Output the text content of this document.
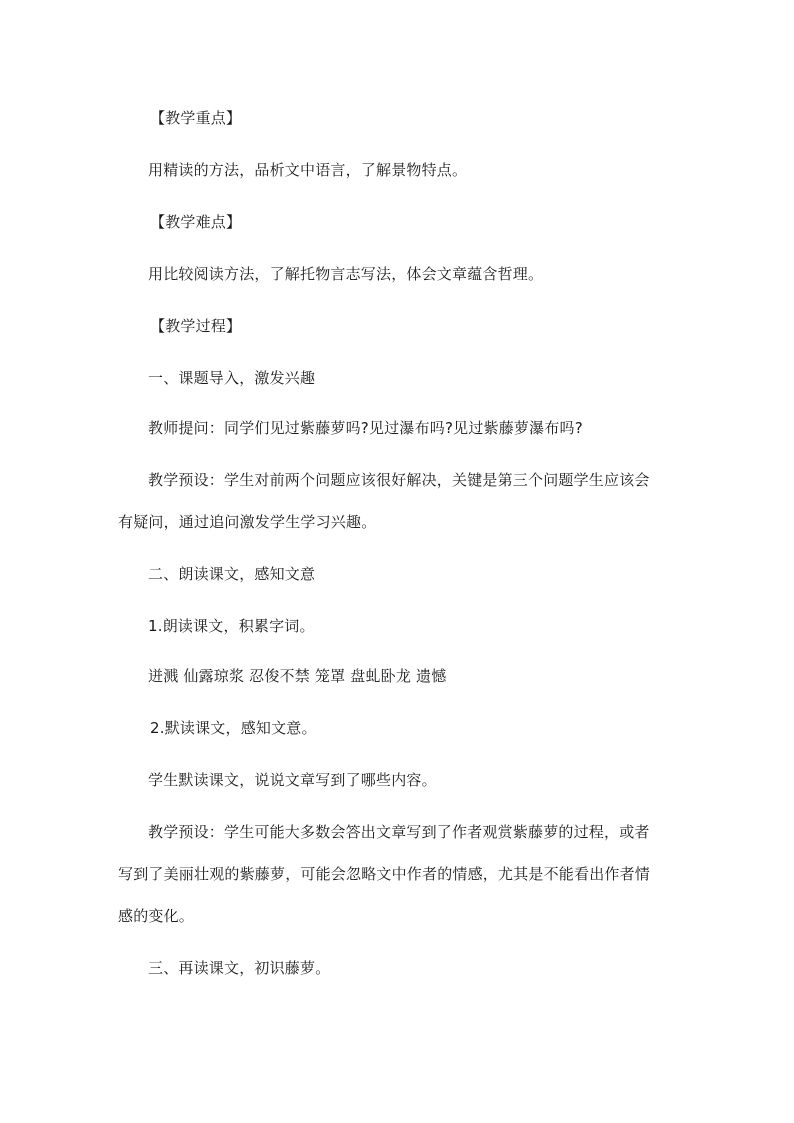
【教学重点】
用精读的方法，品析文中语言，了解景物特点。
【教学难点】
用比较阅读方法，了解托物言志写法，体会文章蕴含哲理。
【教学过程】
一、课题导入，激发兴趣
教师提问：同学们见过紫藤萝吗?见过瀑布吗?见过紫藤萝瀑布吗?
教学预设：学生对前两个问题应该很好解决，关键是第三个问题学生应该会
有疑问，通过追问激发学生学习兴趣。
二、朗读课文，感知文意
1.朗读课文，积累字词。
迸溅 仙露琼浆 忍俊不禁 笼罩 盘虬卧龙 遗憾
2.默读课文，感知文意。
学生默读课文，说说文章写到了哪些内容。
教学预设：学生可能大多数会答出文章写到了作者观赏紫藤萝的过程，或者
写到了美丽壮观的紫藤萝，可能会忽略文中作者的情感，尤其是不能看出作者情
感的变化。
三、再读课文，初识藤萝。
